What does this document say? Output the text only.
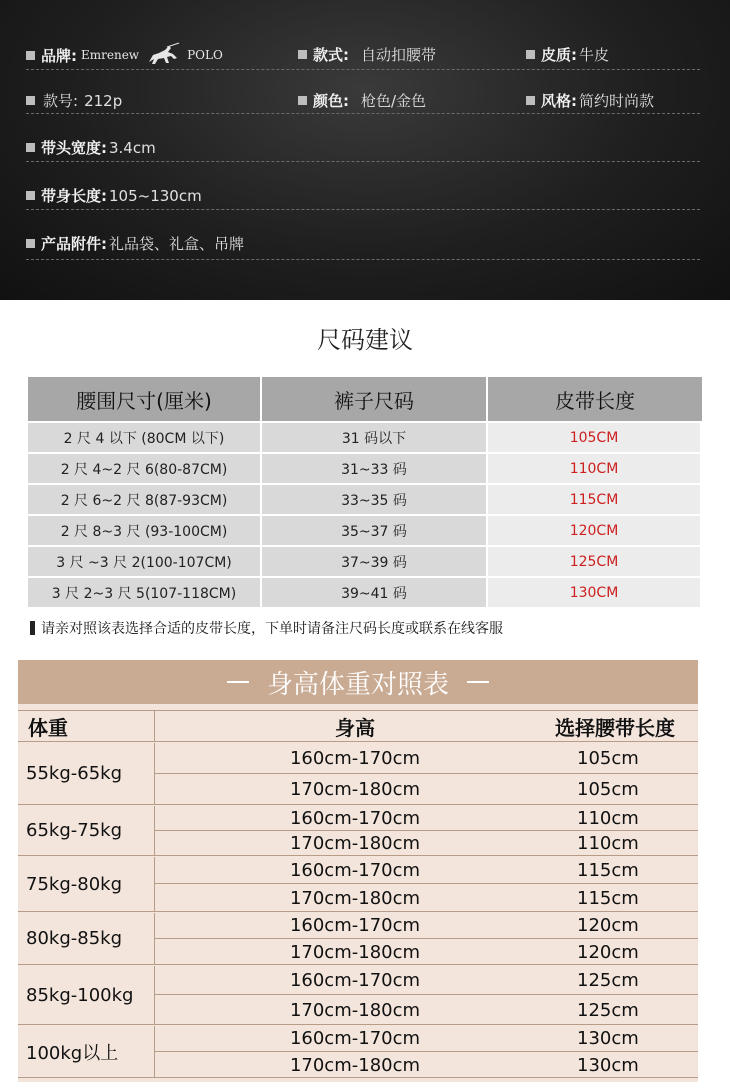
品牌: Emrenew	POLO	款式: 自动扣腰带	皮质: 牛皮
款号: 212p	颜色: 枪色/金色	风格: 简约时尚款
带头宽度: 3.4cm
带身长度: 105~130cm
产品附件: 礼品袋、礼盒、吊牌
尺码建议
腰围尺寸(厘米)	裤子尺码	皮带长度
2 尺 4 以下 (80CM 以下)	31 码以下	105CM
2 尺 4~2 尺 6(80-87CM)	31~33 码	110CM
2 尺 6~2 尺 8(87-93CM)	33~35 码	115CM
2 尺 8~3 尺 (93-100CM)	35~37 码	120CM
3 尺 ~3 尺 2(100-107CM)	37~39 码	125CM
3 尺 2~3 尺 5(107-118CM)	39~41 码	130CM
请亲对照该表选择合适的皮带长度，下单时请备注尺码长度或联系在线客服
身高体重对照表
体重	身高	选择腰带长度
55kg-65kg
160cm-170cm	105cm
170cm-180cm	105cm
65kg-75kg
160cm-170cm	110cm
170cm-180cm	110cm
75kg-80kg
160cm-170cm	115cm
170cm-180cm	115cm
80kg-85kg
160cm-170cm	120cm
170cm-180cm	120cm
85kg-100kg
160cm-170cm	125cm
170cm-180cm	125cm
100kg以上
160cm-170cm	130cm
170cm-180cm	130cm
